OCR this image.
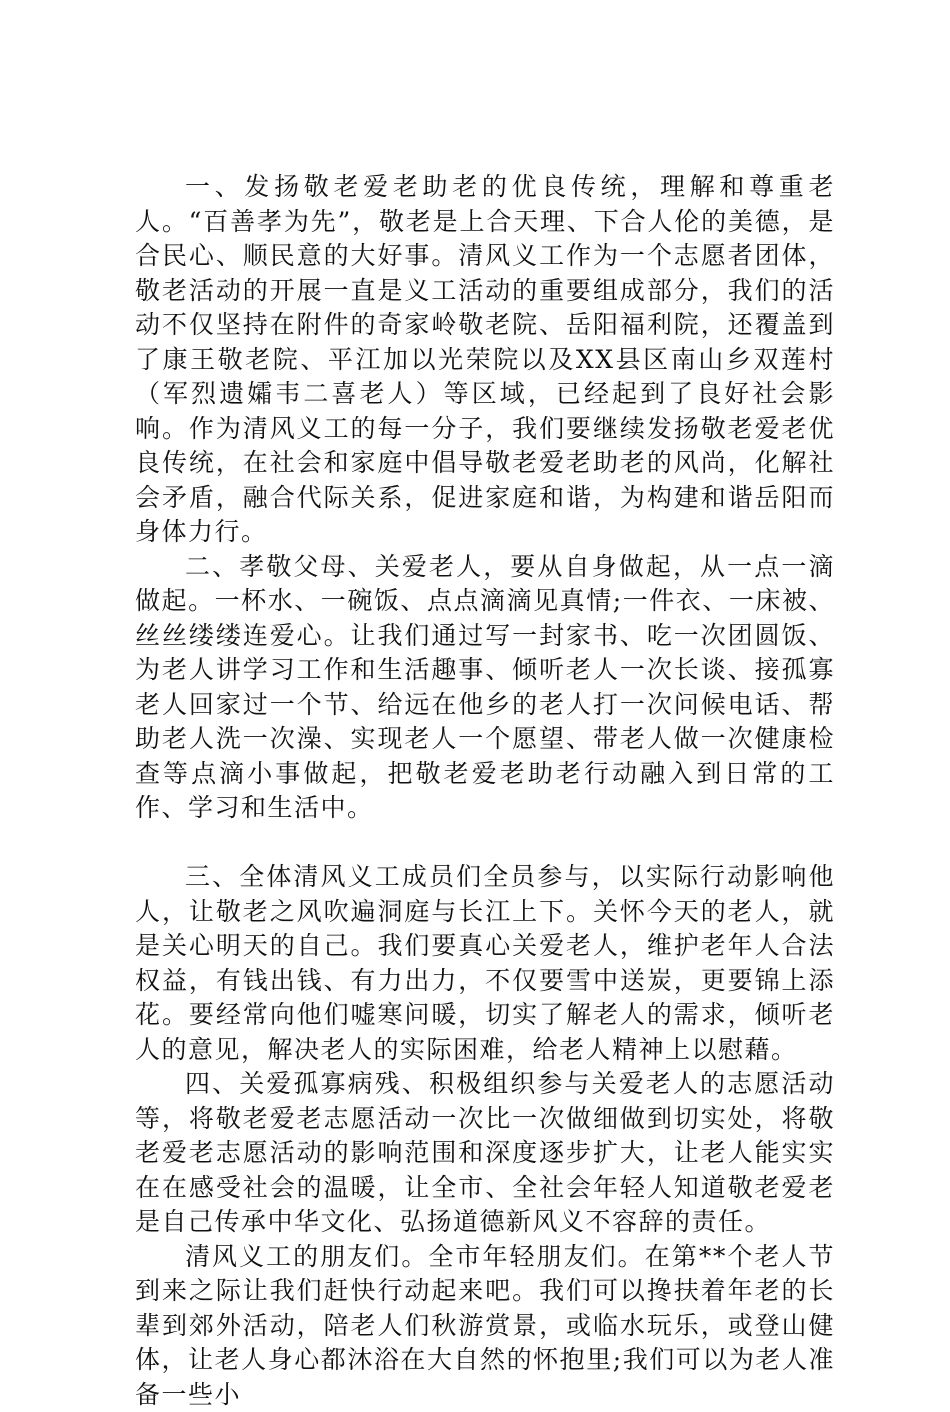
一、发扬敬老爱老助老的优良传统，理解和尊重老人。“百善孝为先”，敬老是上合天理、下合人伦的美德，是合民心、顺民意的大好事。清风义工作为一个志愿者团体，敬老活动的开展一直是义工活动的重要组成部分，我们的活动不仅坚持在附件的奇家岭敬老院、岳阳福利院，还覆盖到了康王敬老院、平江加以光荣院以及XX县区南山乡双莲村（军烈遗孀韦二喜老人）等区域，已经起到了良好社会影响。作为清风义工的每一分子，我们要继续发扬敬老爱老优良传统，在社会和家庭中倡导敬老爱老助老的风尚，化解社会矛盾，融合代际关系，促进家庭和谐，为构建和谐岳阳而身体力行。

二、孝敬父母、关爱老人，要从自身做起，从一点一滴做起。一杯水、一碗饭、点点滴滴见真情;一件衣、一床被、丝丝缕缕连爱心。让我们通过写一封家书、吃一次团圆饭、为老人讲学习工作和生活趣事、倾听老人一次长谈、接孤寡老人回家过一个节、给远在他乡的老人打一次问候电话、帮助老人洗一次澡、实现老人一个愿望、带老人做一次健康检查等点滴小事做起，把敬老爱老助老行动融入到日常的工作、学习和生活中。

三、全体清风义工成员们全员参与，以实际行动影响他人，让敬老之风吹遍洞庭与长江上下。关怀今天的老人，就是关心明天的自己。我们要真心关爱老人，维护老年人合法权益，有钱出钱、有力出力，不仅要雪中送炭，更要锦上添花。要经常向他们嘘寒问暖，切实了解老人的需求，倾听老人的意见，解决老人的实际困难，给老人精神上以慰藉。

四、关爱孤寡病残、积极组织参与关爱老人的志愿活动等，将敬老爱老志愿活动一次比一次做细做到切实处，将敬老爱老志愿活动的影响范围和深度逐步扩大，让老人能实实在在感受社会的温暖，让全市、全社会年轻人知道敬老爱老是自己传承中华文化、弘扬道德新风义不容辞的责任。

清风义工的朋友们。全市年轻朋友们。在第**个老人节到来之际让我们赶快行动起来吧。我们可以搀扶着年老的长辈到郊外活动，陪老人们秋游赏景，或临水玩乐，或登山健体，让老人身心都沐浴在大自然的怀抱里;我们可以为老人准备一些小
